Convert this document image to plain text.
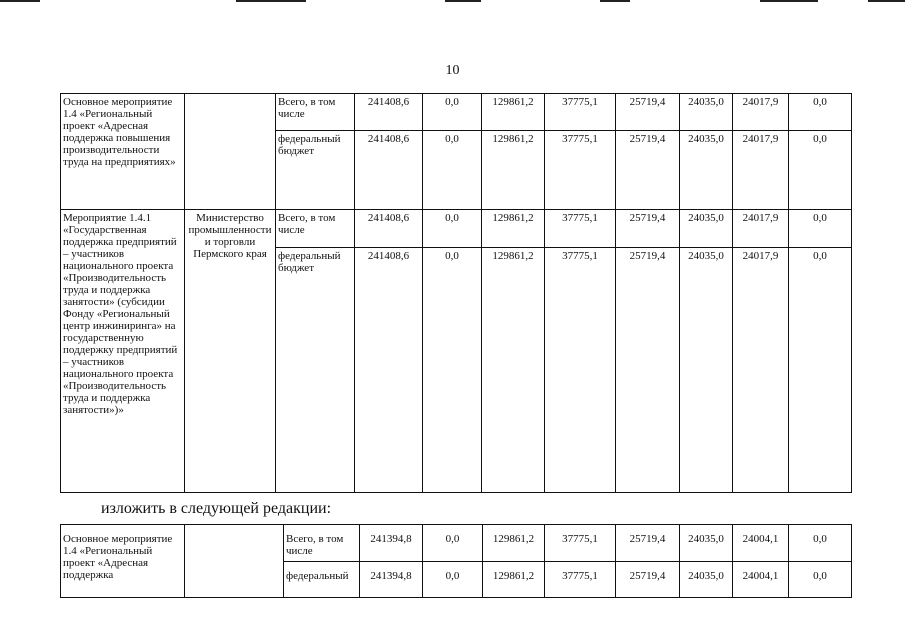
10
Основное мероприятие 1.4 «Региональный проект «Адресная поддержка повышения производительности труда на предприятиях»		Всего, в том числе	241408,6	0,0	129861,2	37775,1	25719,4	24035,0	24017,9	0,0
		федеральный бюджет	241408,6	0,0	129861,2	37775,1	25719,4	24035,0	24017,9	0,0
Мероприятие 1.4.1 «Государственная поддержка предприятий – участников национального проекта «Производительность труда и поддержка занятости» (субсидии Фонду «Региональный центр инжиниринга» на государственную поддержку предприятий – участников национального проекта «Производительность труда и поддержка занятости»)»	Министерство промышленности и торговли Пермского края	Всего, в том числе	241408,6	0,0	129861,2	37775,1	25719,4	24035,0	24017,9	0,0
		федеральный бюджет	241408,6	0,0	129861,2	37775,1	25719,4	24035,0	24017,9	0,0
изложить в следующей редакции:
Основное мероприятие 1.4 «Региональный проект «Адресная поддержка		Всего, в том числе	241394,8	0,0	129861,2	37775,1	25719,4	24035,0	24004,1	0,0
		федеральный	241394,8	0,0	129861,2	37775,1	25719,4	24035,0	24004,1	0,0
